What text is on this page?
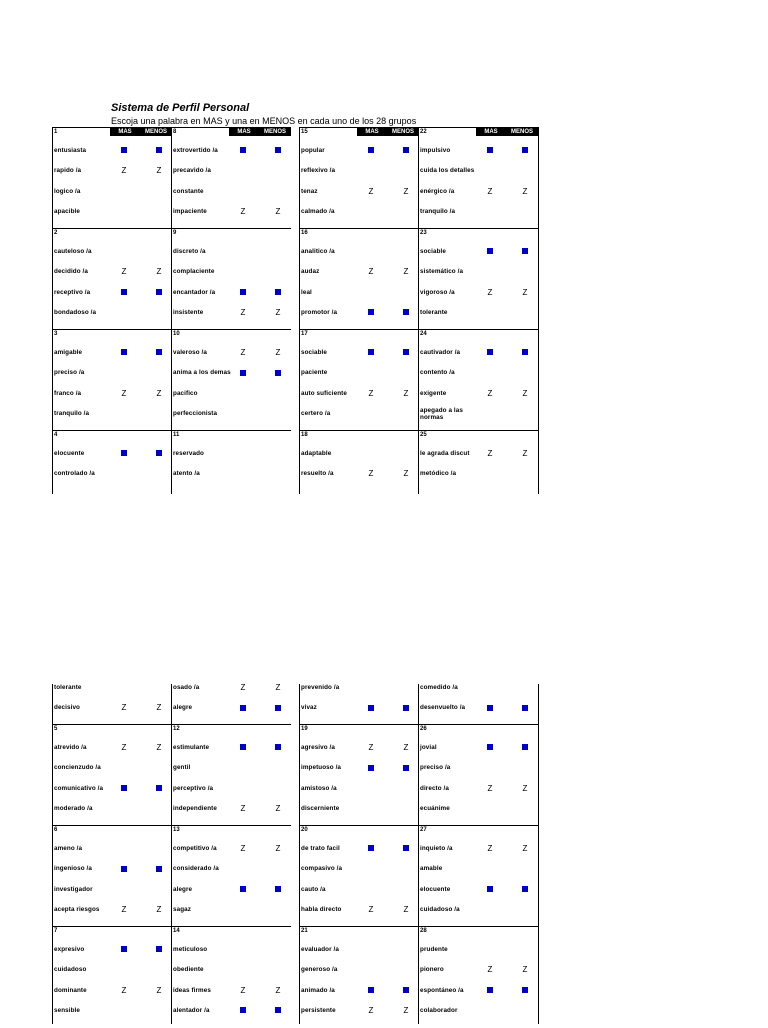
Sistema de Perfil Personal
Escoja una palabra en MAS y una en MENOS en cada uno de los 28 grupos
1	MAS	MENOS
entusiasta
rapido /a	Z	Z
logico /a
apacible
2
cauteloso /a
decidido /a	Z	Z
receptivo /a
bondadoso /a
3
amigable
preciso /a
franco /a	Z	Z
tranquilo /a
4
elocuente
controlado /a
8	MAS	MENOS
extrovertido /a
precavido /a
constante
impaciente	Z	Z
9
discreto /a
complaciente
encantador /a
insistente	Z	Z
10
valeroso /a	Z	Z
anima a los demas
pacifico
perfeccionista
11
reservado
atento /a
15	MAS	MENOS
popular
reflexivo /a
tenaz	Z	Z
calmado /a
16
analitico /a
audaz	Z	Z
leal
promotor /a
17
sociable
paciente
auto suficiente	Z	Z
certero /a
18
adaptable
resuelto /a	Z	Z
22	MAS	MENOS
impulsivo
cuida los detalles
enérgico /a	Z	Z
tranquilo /a
23
sociable
sistemático /a
vigoroso /a	Z	Z
tolerante
24
cautivador /a
contento /a
exigente	Z	Z
apegado a las normas
25
le agrada discut	Z	Z
metódico /a
tolerante
decisivo	Z	Z
5
atrevido /a	Z	Z
concienzudo /a
comunicativo /a
moderado /a
6
ameno /a
ingenioso /a
investigador
acepta riesgos	Z	Z
7
expresivo
cuidadoso
dominante	Z	Z
sensible
osado /a	Z	Z
alegre
12
estimulante
gentil
perceptivo /a
independiente	Z	Z
13
competitivo /a	Z	Z
considerado /a
alegre
sagaz
14
meticuloso
obediente
ideas firmes	Z	Z
alentador /a
prevenido /a
vivaz
19
agresivo /a	Z	Z
impetuoso /a
amistoso /a
discerniente
20
de trato facil
compasivo /a
cauto /a
habla directo	Z	Z
21
evaluador /a
generoso /a
animado /a
persistente	Z	Z
comedido /a
desenvuelto /a
26
jovial
preciso /a
directo /a	Z	Z
ecuánime
27
inquieto /a	Z	Z
amable
elocuente
cuidadoso /a
28
prudente
pionero	Z	Z
espontáneo /a
colaborador
